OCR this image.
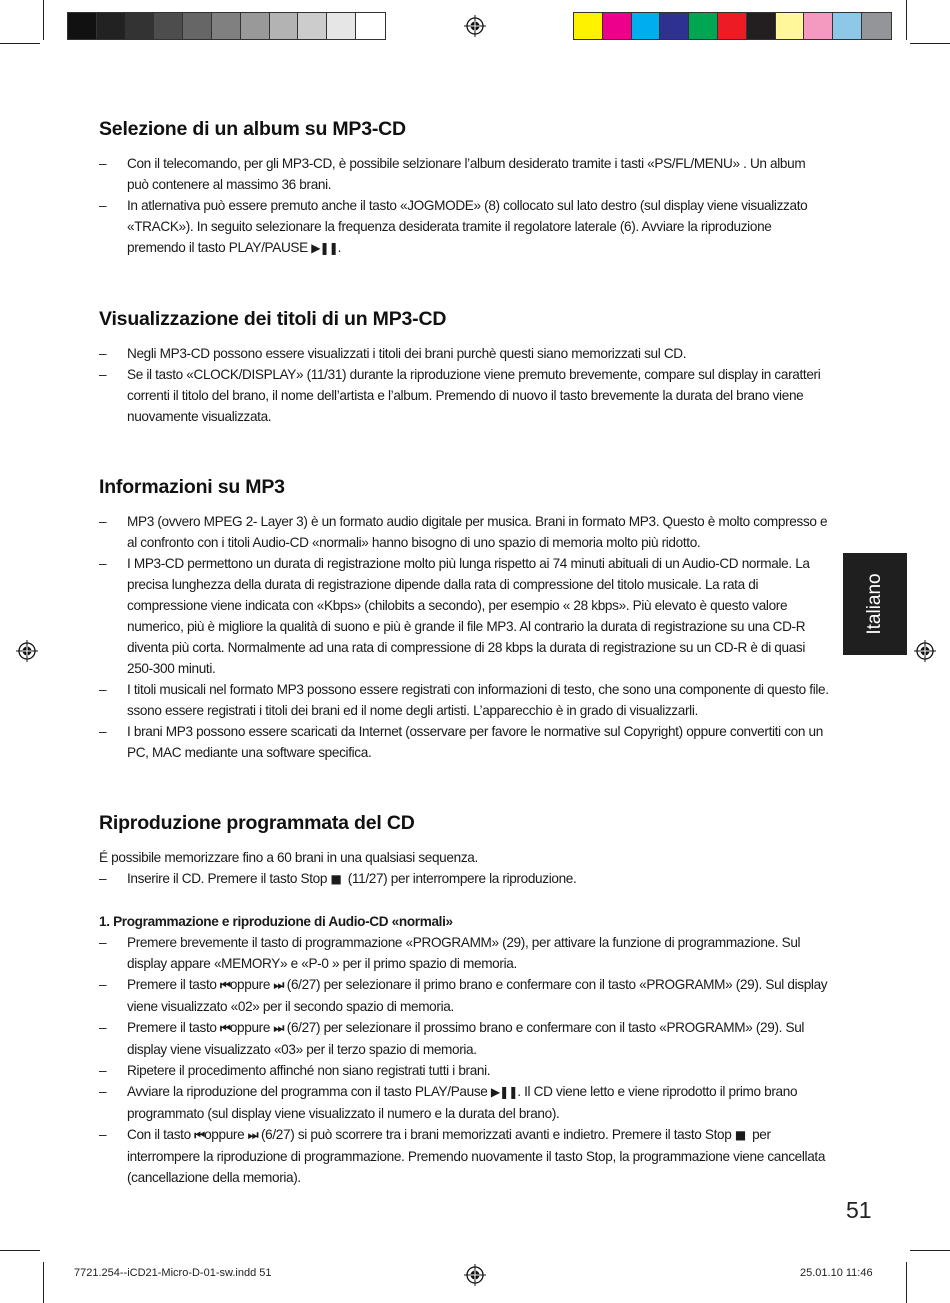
Selezione di un album su MP3-CD
– Con il telecomando, per gli MP3-CD, è possibile selzionare l’album desiderato tramite i tasti «PS/FL/MENU» . Un album può contenere al massimo 36 brani.
– In atlernativa può essere premuto anche il tasto «JOGMODE» (8) collocato sul lato destro (sul display viene visualizzato «TRACK»). In seguito selezionare la frequenza desiderata tramite il regolatore laterale (6). Avviare la riproduzione premendo il tasto PLAY/PAUSE ▶❚❚.
Visualizzazione dei titoli di un MP3-CD
– Negli MP3-CD possono essere visualizzati i titoli dei brani purchè questi siano memorizzati sul CD.
– Se il tasto «CLOCK/DISPLAY» (11/31) durante la riproduzione viene premuto brevemente, compare sul display in caratteri correnti il titolo del brano, il nome dell’artista e l’album. Premendo di nuovo il tasto brevemente la durata del brano viene nuovamente visualizzata.
Informazioni su MP3
– MP3 (ovvero MPEG 2- Layer 3) è un formato audio digitale per musica. Brani in formato MP3. Questo è molto compresso e al confronto con i titoli Audio-CD «normali» hanno bisogno di uno spazio di memoria molto più ridotto.
– I MP3-CD permettono un durata di registrazione molto più lunga rispetto ai 74 minuti abituali di un Audio-CD normale. La precisa lunghezza della durata di registrazione dipende dalla rata di compressione del titolo musicale. La rata di compressione viene indicata con «Kbps» (chilobits a secondo), per esempio « 28 kbps». Più elevato è questo valore numerico, più è migliore la qualità di suono e più è grande il file MP3. Al contrario la durata di registrazione su una CD-R diventa più corta. Normalmente ad una rata di compressione di 28 kbps la durata di registrazione su un CD-R è di quasi 250-300 minuti.
– I titoli musicali nel formato MP3 possono essere registrati con informazioni di testo, che sono una componente di questo file. ssono essere registrati i titoli dei brani ed il nome degli artisti. L’apparecchio è in grado di visualizzarli.
– I brani MP3 possono essere scaricati da Internet (osservare per favore le normative sul Copyright) oppure convertiti con un PC, MAC mediante una software specifica.
Riproduzione programmata del CD

É possibile memorizzare fino a 60 brani in una qualsiasi sequenza.

– Inserire il CD. Premere il tasto Stop ■ (11/27) per interrompere la riproduzione.
1. Programmazione e riproduzione di Audio-CD «normali»
– Premere brevemente il tasto di programmazione «PROGRAMM» (29), per attivare la funzione di programmazione. Sul display appare «MEMORY» e «P-0 » per il primo spazio di memoria.
– Premere il tasto ⏮oppure ⏭ (6/27) per selezionare il primo brano e confermare con il tasto «PROGRAMM» (29). Sul display viene visualizzato «02» per il secondo spazio di memoria.
– Premere il tasto ⏮oppure ⏭ (6/27) per selezionare il prossimo brano e confermare con il tasto «PROGRAMM» (29). Sul display viene visualizzato «03» per il terzo spazio di memoria.
– Ripetere il procedimento affinché non siano registrati tutti i brani.
– Avviare la riproduzione del programma con il tasto PLAY/Pause ▶❚❚. Il CD viene letto e viene riprodotto il primo brano programmato (sul display viene visualizzato il numero e la durata del brano).
– Con il tasto ⏮oppure ⏭ (6/27) si può scorrere tra i brani memorizzati avanti e indietro. Premere il tasto Stop ■ per interrompere la riproduzione di programmazione. Premendo nuovamente il tasto Stop, la programmazione viene cancellata (cancellazione della memoria).
Italiano
51
7721.254--iCD21-Micro-D-01-sw.indd 51	25.01.10 11:46
